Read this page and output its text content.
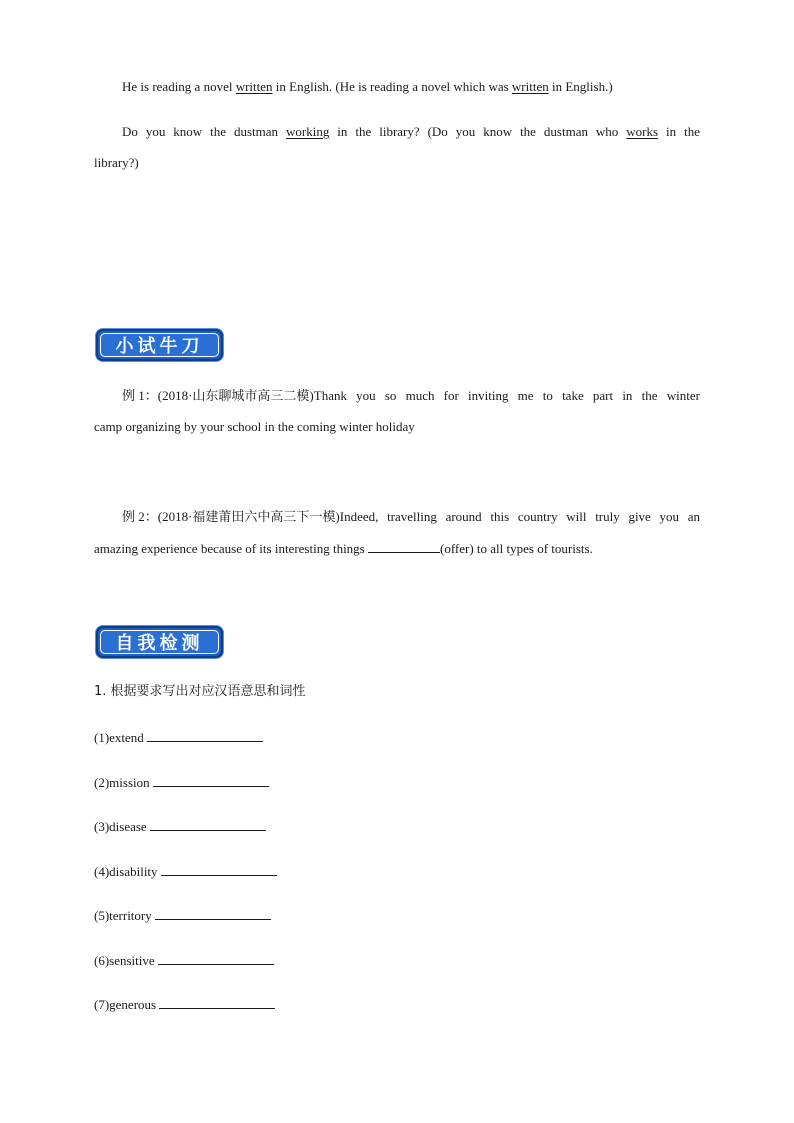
He is reading a novel written in English. (He is reading a novel which was written in English.)
Do you know the dustman working in the library? (Do you know the dustman who works in the
library?)
小试牛刀
例 1：(2018·山东聊城市高三二模)Thank you so much for inviting me to take part in the winter
camp organizing by your school in the coming winter holiday
例 2：(2018·福建莆田六中高三下一模)Indeed, travelling around this country will truly give you an
amazing experience because of its interesting things	(offer) to all types of tourists.
自我检测
1. 根据要求写出对应汉语意思和词性
(1)extend
(2)mission
(3)disease
(4)disability
(5)territory
(6)sensitive
(7)generous
